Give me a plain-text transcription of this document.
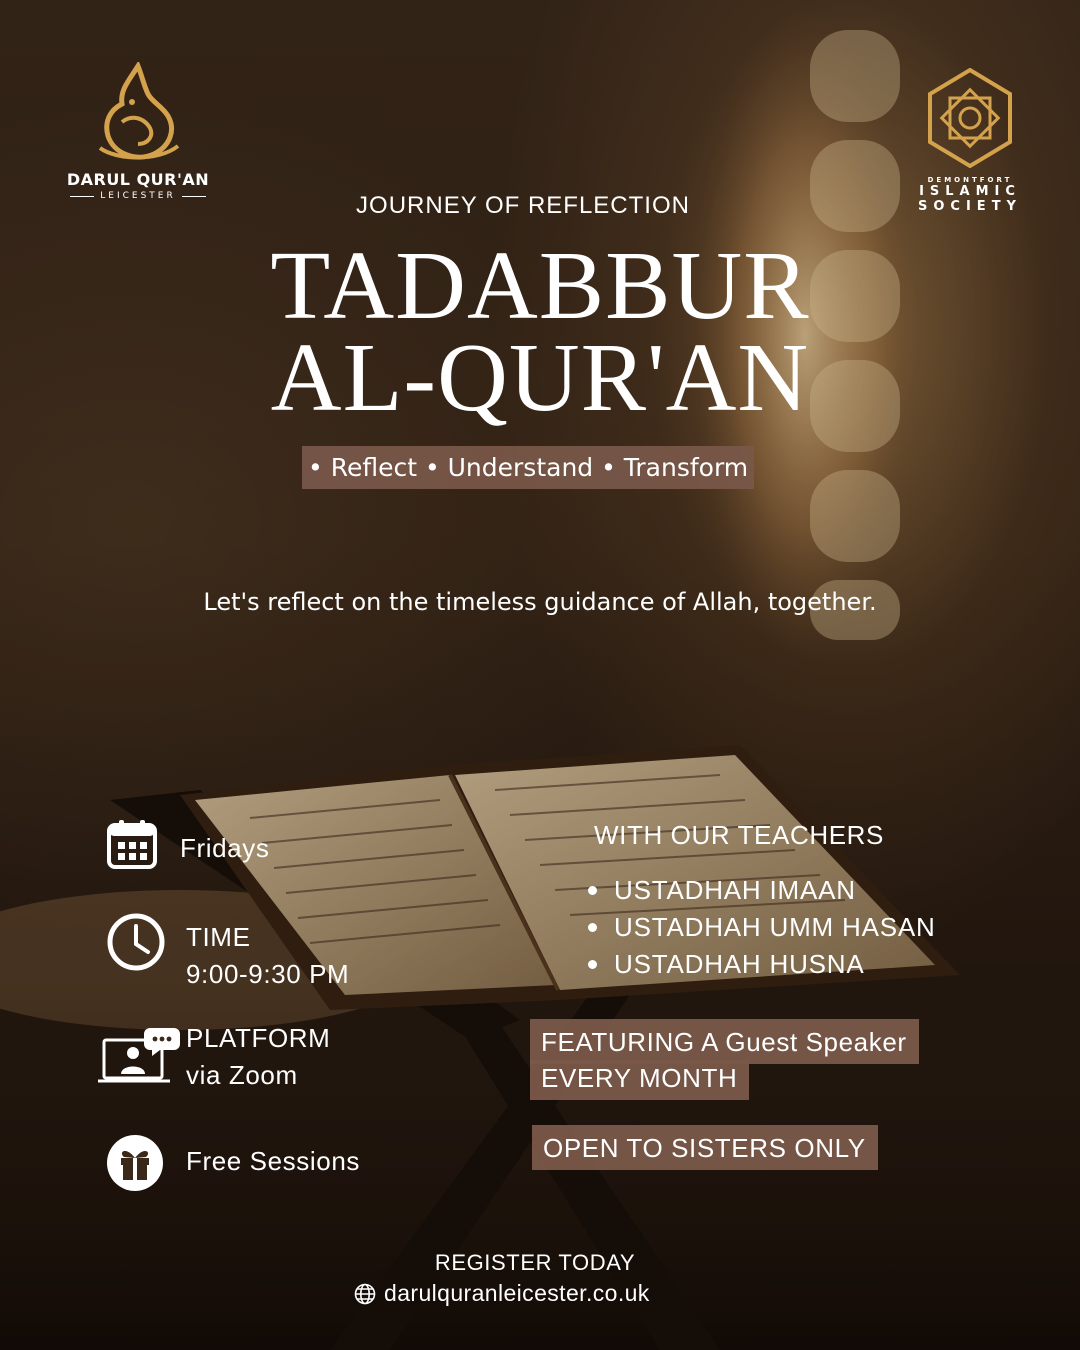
DARUL QUR'AN
LEICESTER
DEMONTFORT
ISLAMIC
SOCIETY
JOURNEY OF REFLECTION
TADABBUR
AL-QUR'AN
• Reflect • Understand • Transform
Let's reflect on the timeless guidance of Allah, together.
Fridays
TIME
9:00-9:30 PM
PLATFORM
via Zoom
Free Sessions
WITH OUR TEACHERS
USTADHAH IMAAN
USTADHAH UMM HASAN
USTADHAH HUSNA
FEATURING A Guest Speaker
EVERY MONTH
OPEN TO SISTERS ONLY
REGISTER TODAY
darulquranleicester.co.uk
